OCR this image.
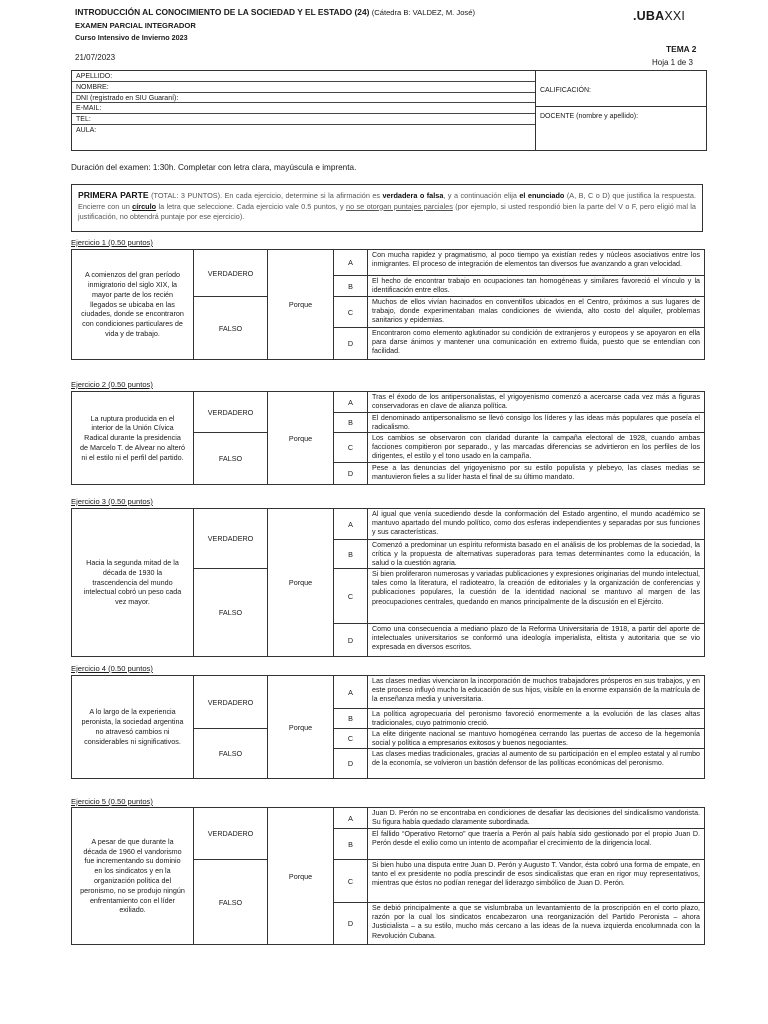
INTRODUCCIÓN AL CONOCIMIENTO DE LA SOCIEDAD Y EL ESTADO (24) (Cátedra B: VALDEZ, M. José)
EXAMEN PARCIAL INTEGRADOR
Curso Intensivo de Invierno 2023
21/07/2023
.UBAXXI
TEMA 2
Hoja 1 de 3
APELLIDO:
NOMBRE:
DNI (registrado en SIU Guaraní):
E-MAIL:
TEL:
AULA:
CALIFICACIÓN:
DOCENTE (nombre y apellido):
Duración del examen: 1:30h. Completar con letra clara, mayúscula e imprenta.
PRIMERA PARTE (TOTAL: 3 PUNTOS). En cada ejercicio, determine si la afirmación es verdadera o falsa, y a continuación elija el enunciado (A, B, C o D) que justifica la respuesta. Encierre con un círculo la letra que seleccione. Cada ejercicio vale 0.5 puntos, y no se otorgan puntajes parciales (por ejemplo, si usted respondió bien la parte del V o F, pero eligió mal la justificación, no obtendrá puntaje por ese ejercicio).
Ejercicio 1 (0.50 puntos)
A comienzos del gran período inmigratorio del siglo XIX, la mayor parte de los recién llegados se ubicaba en las ciudades, donde se encontraron con condiciones particulares de vida y de trabajo.
VERDADERO
FALSO
Porque
A
B
C
D
Con mucha rapidez y pragmatismo, al poco tiempo ya existían redes y núcleos asociativos entre los inmigrantes. El proceso de integración de elementos tan diversos fue avanzando a gran velocidad.
El hecho de encontrar trabajo en ocupaciones tan homogéneas y similares favoreció el vínculo y la identificación entre ellos.
Muchos de ellos vivían hacinados en conventillos ubicados en el Centro, próximos a sus lugares de trabajo, donde experimentaban malas condiciones de vivienda, alto costo del alquiler, problemas sanitarios y epidemias.
Encontraron como elemento aglutinador su condición de extranjeros y europeos y se apoyaron en ella para darse ánimos y mantener una comunicación en extremo fluida, puesto que se entendían con facilidad.
Ejercicio 2 (0.50 puntos)
La ruptura producida en el interior de la Unión Cívica Radical durante la presidencia de Marcelo T. de Alvear no alteró ni el estilo ni el perfil del partido.
VERDADERO
FALSO
Porque
A
B
C
D
Tras el éxodo de los antipersonalistas, el yrigoyenismo comenzó a acercarse cada vez más a figuras conservadoras en clave de alianza política.
El denominado antipersonalismo se llevó consigo los líderes y las ideas más populares que poseía el radicalismo.
Los cambios se observaron con claridad durante la campaña electoral de 1928, cuando ambas facciones compitieron por separado., y las marcadas diferencias se advirtieron en los perfiles de los dirigentes, el estilo y el tono usado en la campaña.
Pese a las denuncias del yrigoyenismo por su estilo populista y plebeyo, las clases medias se mantuvieron fieles a su líder hasta el final de su último mandato.
Ejercicio 3 (0.50 puntos)
Hacia la segunda mitad de la década de 1930 la trascendencia del mundo intelectual cobró un peso cada vez mayor.
VERDADERO
FALSO
Porque
A
B
C
D
Al igual que venía sucediendo desde la conformación del Estado argentino, el mundo académico se mantuvo apartado del mundo político, como dos esferas independientes y separadas por sus funciones y sus características.
Comenzó a predominar un espíritu reformista basado en el análisis de los problemas de la sociedad, la crítica y la propuesta de alternativas superadoras para temas determinantes como la educación, la salud o la cuestión agraria.
Si bien proliferaron numerosas y variadas publicaciones y expresiones originarias del mundo intelectual, tales como la literatura, el radioteatro, la creación de editoriales y la organización de conferencias y publicaciones populares, la cuestión de la identidad nacional se mantuvo al margen de las preocupaciones centrales, quedando en manos principalmente de la discusión en el Ejército.
Como una consecuencia a mediano plazo de la Reforma Universitaria de 1918, a partir del aporte de intelectuales universitarios se conformó una ideología imperialista, elitista y autoritaria que se vio expresada en diversos escritos.
Ejercicio 4 (0.50 puntos)
A lo largo de la experiencia peronista, la sociedad argentina no atravesó cambios ni considerables ni significativos.
VERDADERO
FALSO
Porque
A
B
C
D
Las clases medias vivenciaron la incorporación de muchos trabajadores prósperos en sus trabajos, y en este proceso influyó mucho la educación de sus hijos, visible en la enorme expansión de la matrícula de la enseñanza media y universitaria.
La política agropecuaria del peronismo favoreció enormemente a la evolución de las clases altas tradicionales, cuyo patrimonio creció.
La elite dirigente nacional se mantuvo homogénea cerrando las puertas de acceso de la hegemonía social y política a empresarios exitosos y buenos negociantes.
Las clases medias tradicionales, gracias al aumento de su participación en el empleo estatal y al rumbo de la economía, se volvieron un bastión defensor de las políticas económicas del peronismo.
Ejercicio 5 (0.50 puntos)
A pesar de que durante la década de 1960 el vandorismo fue incrementando su dominio en los sindicatos y en la organización política del peronismo, no se produjo ningún enfrentamiento con el líder exiliado.
VERDADERO
FALSO
Porque
A
B
C
D
Juan D. Perón no se encontraba en condiciones de desafiar las decisiones del sindicalismo vandorista. Su figura había quedado claramente subordinada.
El fallido “Operativo Retorno” que traería a Perón al país había sido gestionado por el propio Juan D. Perón desde el exilio como un intento de acompañar el crecimiento de la dirigencia local.
Si bien hubo una disputa entre Juan D. Perón y Augusto T. Vandor, ésta cobró una forma de empate, en tanto el ex presidente no podía prescindir de esos sindicalistas que eran en rigor muy representativos, mientras que éstos no podían renegar del liderazgo simbólico de Juan D. Perón.
Se debió principalmente a que se vislumbraba un levantamiento de la proscripción en el corto plazo, razón por la cual los sindicatos encabezaron una reorganización del Partido Peronista – ahora Justicialista – a su estilo, mucho más cercano a las ideas de la nueva izquierda encolumnada con la Revolución Cubana.
